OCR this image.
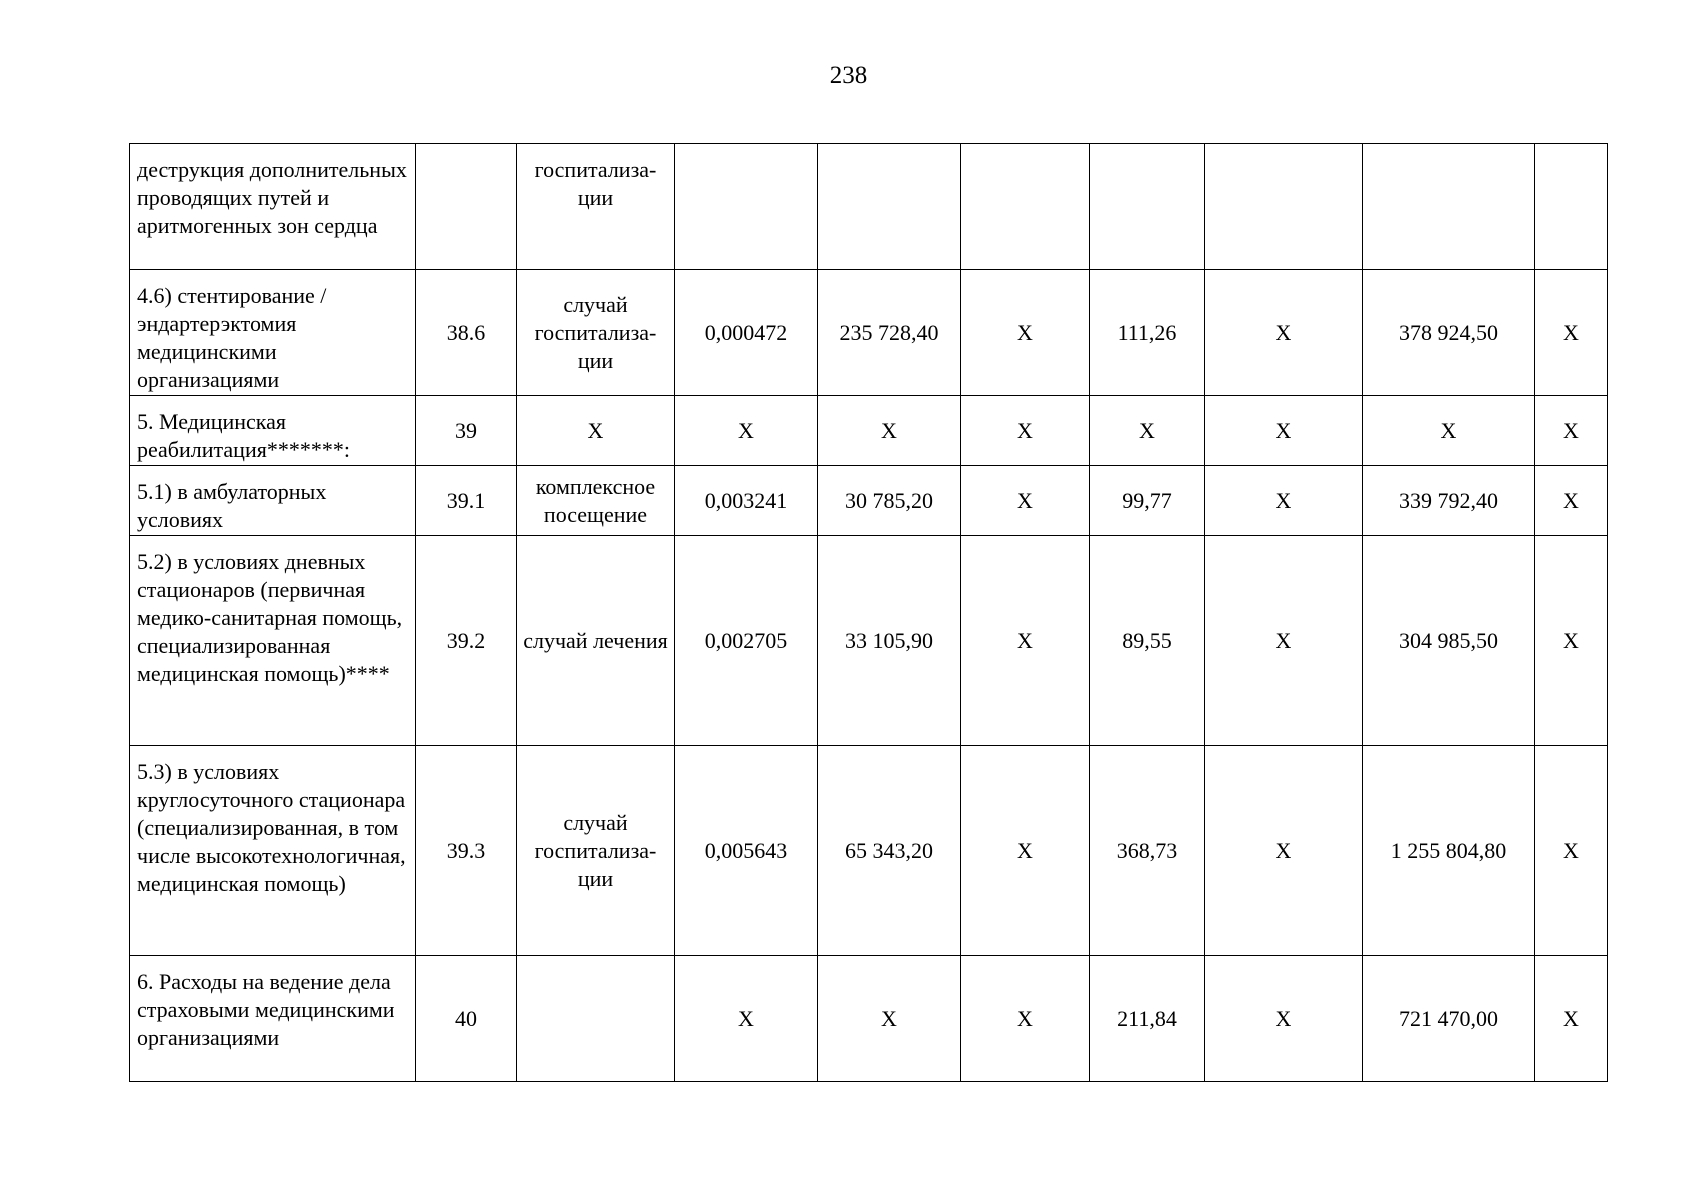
238
деструкция дополнительных проводящих путей и аритмогенных зон сердца		госпитализа-ции							
4.6) стентирование / эндартерэктомия медицинскими организациями	38.6	случай госпитализа-ции	0,000472	235 728,40	Х	111,26	Х	378 924,50	Х
5. Медицинская реабилитация*******:	39	Х	Х	Х	Х	Х	Х	Х	Х
5.1) в амбулаторных условиях	39.1	комплексное посещение	0,003241	30 785,20	Х	99,77	Х	339 792,40	Х
5.2) в условиях дневных стационаров (первичная медико-санитарная помощь, специализированная медицинская помощь)****	39.2	случай лечения	0,002705	33 105,90	Х	89,55	Х	304 985,50	Х
5.3) в условиях круглосуточного стационара (специализированная, в том числе высокотехнологичная, медицинская помощь)	39.3	случай госпитализа-ции	0,005643	65 343,20	Х	368,73	Х	1 255 804,80	Х
6. Расходы на ведение дела страховыми медицинскими организациями	40		Х	Х	Х	211,84	Х	721 470,00	Х
